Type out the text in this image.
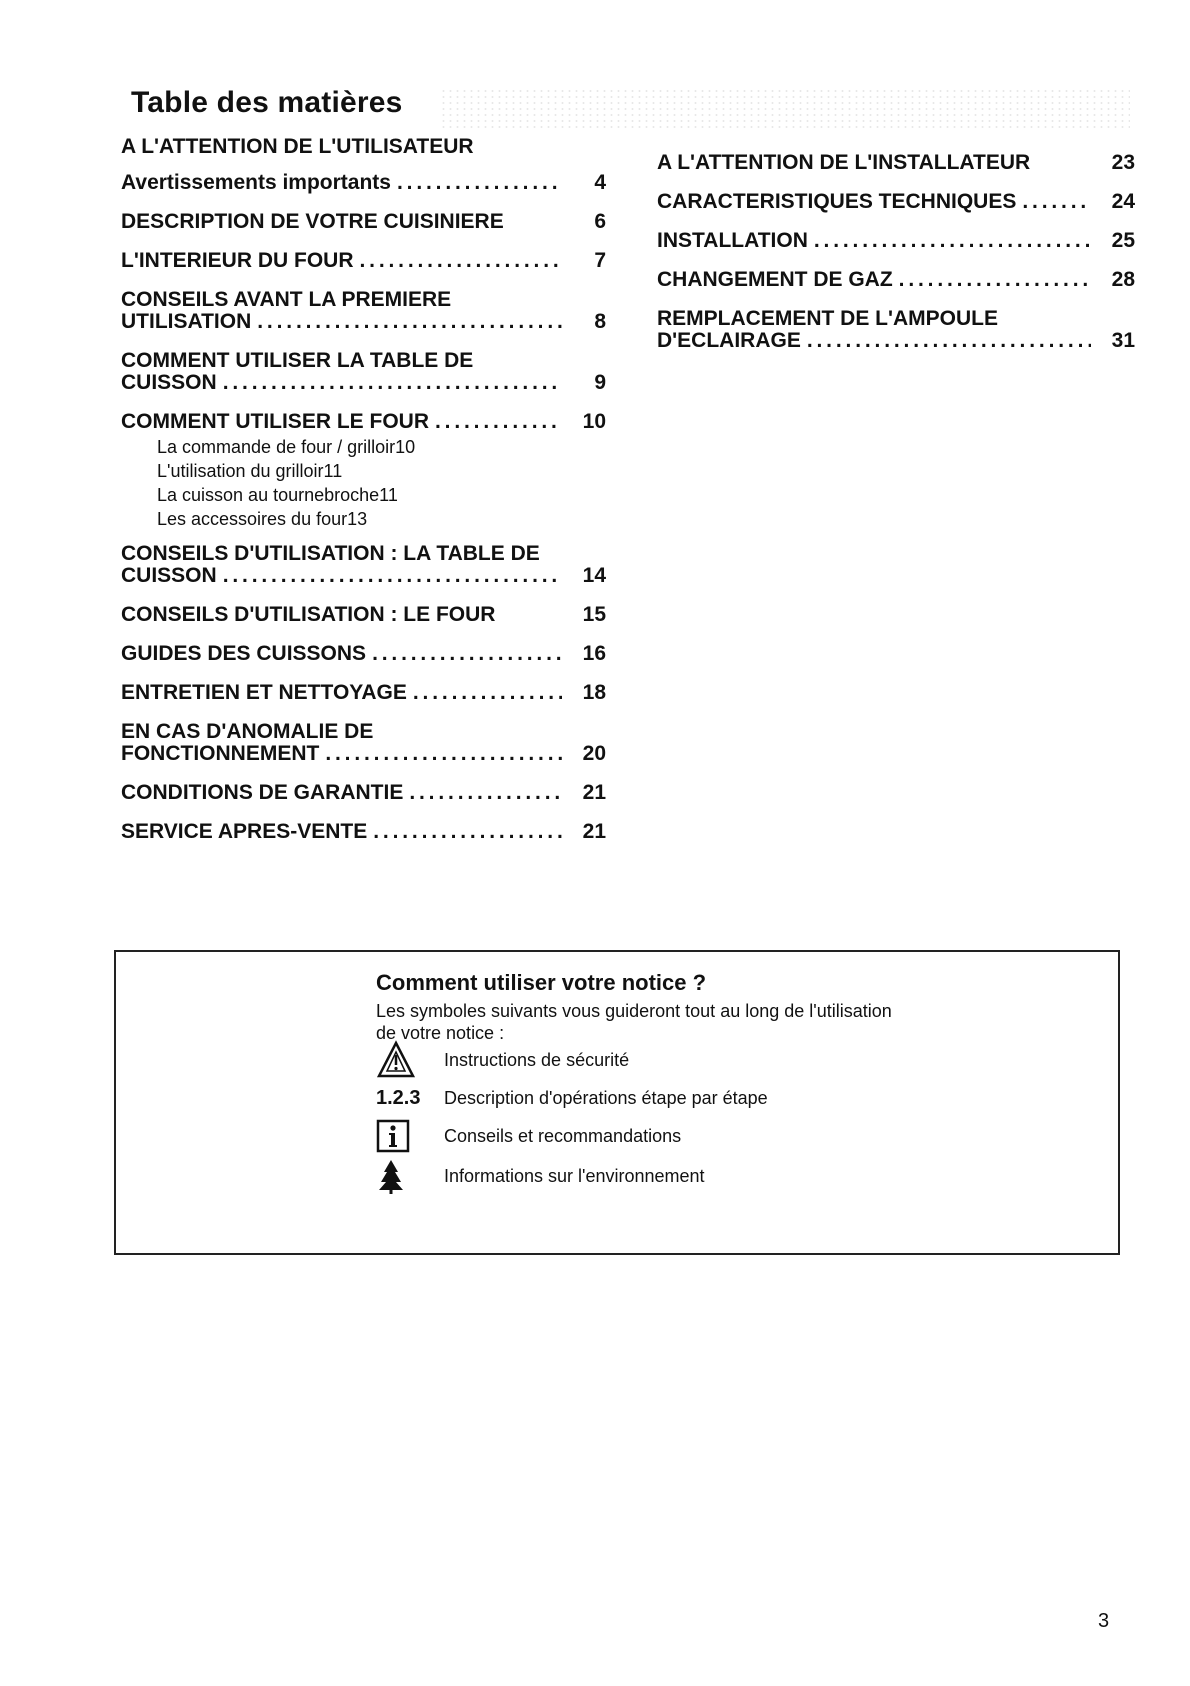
Table des matières
A L'ATTENTION DE L'UTILISATEUR
Avertissements importants . . .	4
DESCRIPTION DE VOTRE CUISINIERE	6
L'INTERIEUR DU FOUR . . .	7
CONSEILS AVANT LA PREMIERE
UTILISATION . . .	8
COMMENT UTILISER LA TABLE DE
CUISSON . . .	9
COMMENT UTILISER LE FOUR . . .	10
La commande de four / grilloir 10
L'utilisation du grilloir 11
La cuisson au tournebroche 11
Les accessoires du four 13
CONSEILS D'UTILISATION : LA TABLE DE
CUISSON . . .	14
CONSEILS D'UTILISATION : LE FOUR	15
GUIDES DES CUISSONS . . .	16
ENTRETIEN ET NETTOYAGE . . .	18
EN CAS D'ANOMALIE DE
FONCTIONNEMENT . . .	20
CONDITIONS DE GARANTIE . . .	21
SERVICE APRES-VENTE . . .	21
A L'ATTENTION DE L'INSTALLATEUR	23
CARACTERISTIQUES TECHNIQUES . . .	24
INSTALLATION . . .	25
CHANGEMENT DE GAZ . . .	28
REMPLACEMENT DE L'AMPOULE
D'ECLAIRAGE . . .	31
Comment utiliser votre notice ?
Les symboles suivants vous guideront tout au long de l'utilisation de votre notice :
Instructions de sécurité
1.2.3 Description d'opérations étape par étape
Conseils et recommandations
Informations sur l'environnement
3
